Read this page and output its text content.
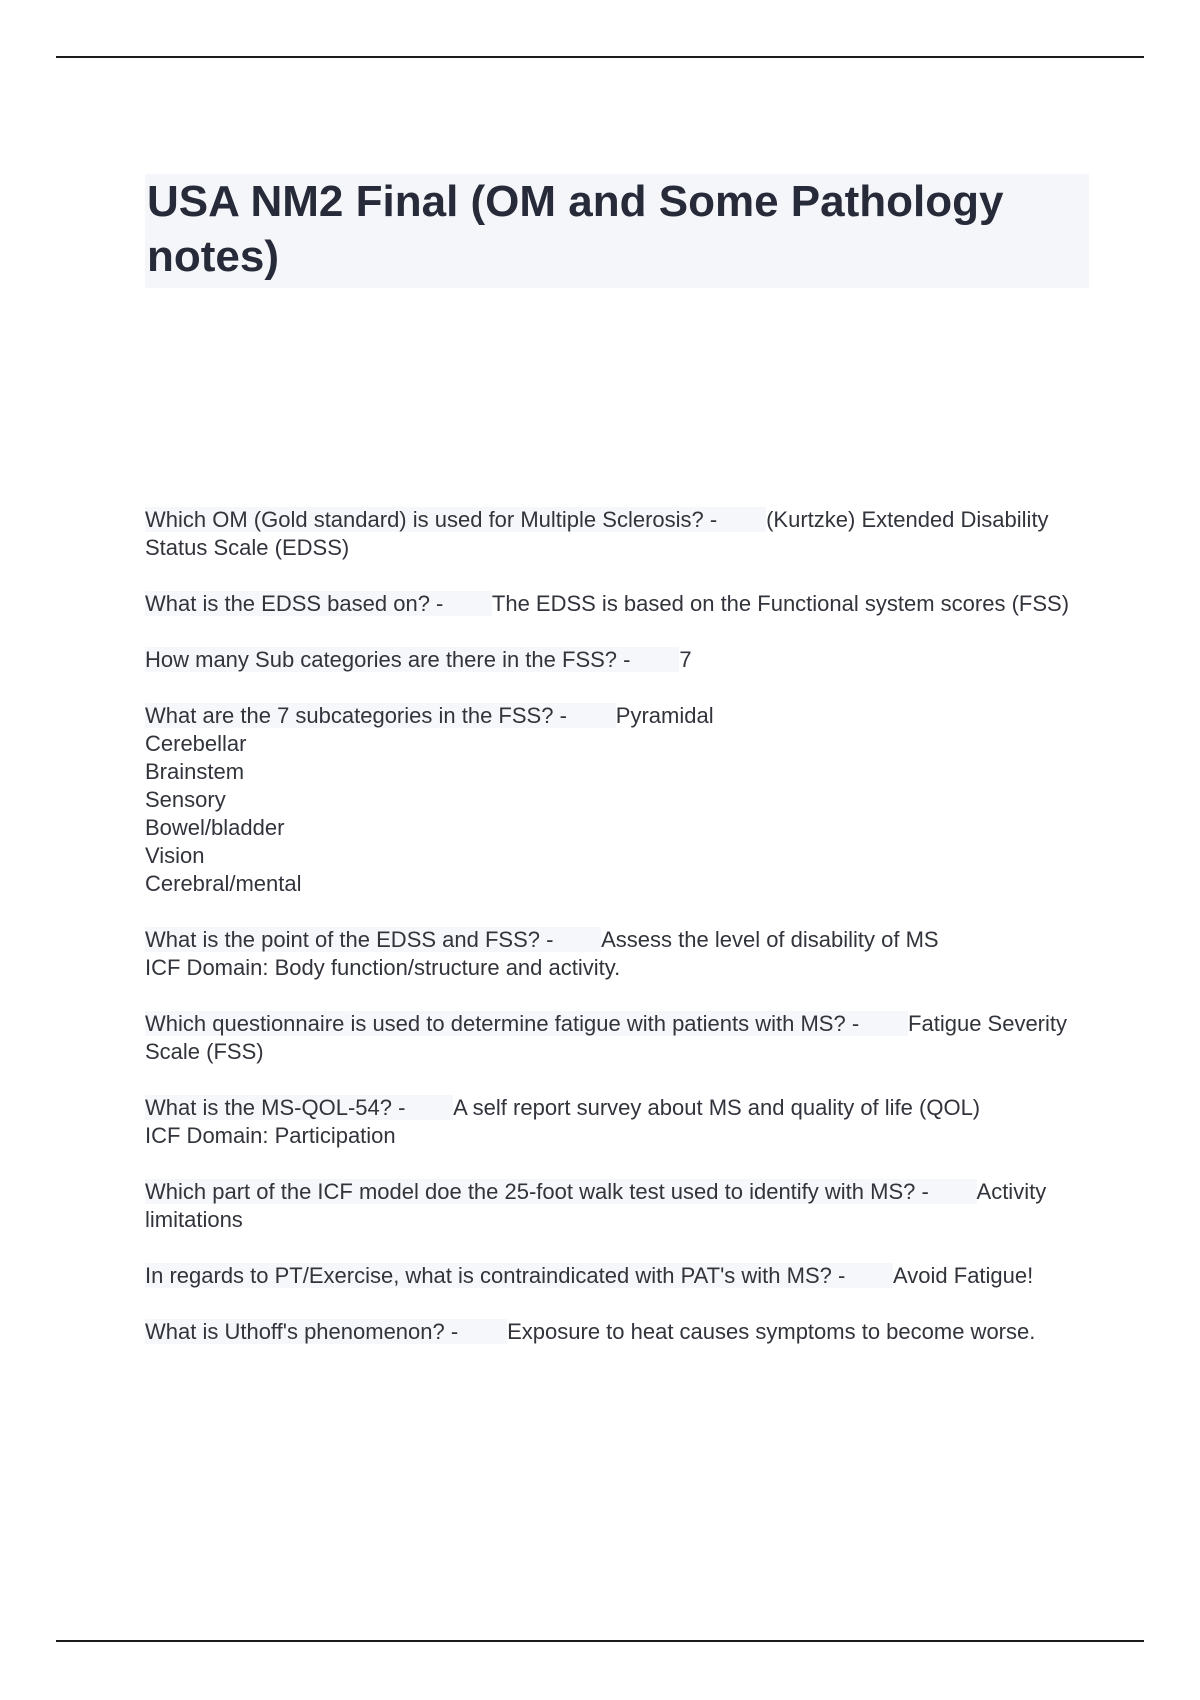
USA NM2 Final (OM and Some Pathology notes)
Which OM (Gold standard) is used for Multiple Sclerosis? - (Kurtzke) Extended Disability Status Scale (EDSS)
What is the EDSS based on? - The EDSS is based on the Functional system scores (FSS)
How many Sub categories are there in the FSS? - 7
What are the 7 subcategories in the FSS? - Pyramidal
Cerebellar
Brainstem
Sensory
Bowel/bladder
Vision
Cerebral/mental
What is the point of the EDSS and FSS? - Assess the level of disability of MS
ICF Domain: Body function/structure and activity.
Which questionnaire is used to determine fatigue with patients with MS? - Fatigue Severity Scale (FSS)
What is the MS-QOL-54? - A self report survey about MS and quality of life (QOL)
ICF Domain: Participation
Which part of the ICF model doe the 25-foot walk test used to identify with MS? - Activity limitations
In regards to PT/Exercise, what is contraindicated with PAT's with MS? - Avoid Fatigue!
What is Uthoff's phenomenon? - Exposure to heat causes symptoms to become worse.
